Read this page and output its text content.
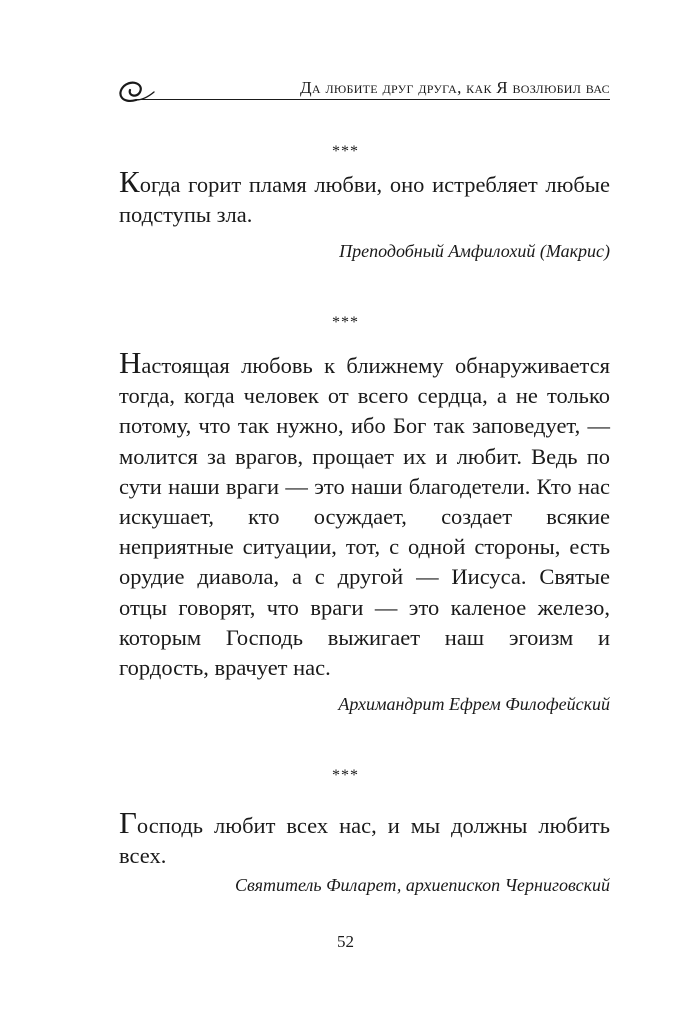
Да любите друг друга, как Я возлюбил вас
***

Когда горит пламя любви, оно истребляет любые подступы зла.

Преподобный Амфилохий (Макрис)
***

Настоящая любовь к ближнему обнаруживается тогда, когда человек от всего сердца, а не только потому, что так нужно, ибо Бог так заповедует, — молится за врагов, прощает их и любит. Ведь по сути наши враги — это наши благодетели. Кто нас искушает, кто осуждает, создает всякие неприятные ситуации, тот, с одной стороны, есть орудие диавола, а с другой — Иисуса. Святые отцы говорят, что враги — это каленое железо, которым Господь выжигает наш эгоизм и гордость, врачует нас.

Архимандрит Ефрем Филофейский
***

Господь любит всех нас, и мы должны любить всех.

Святитель Филарет, архиепископ Черниговский
52
